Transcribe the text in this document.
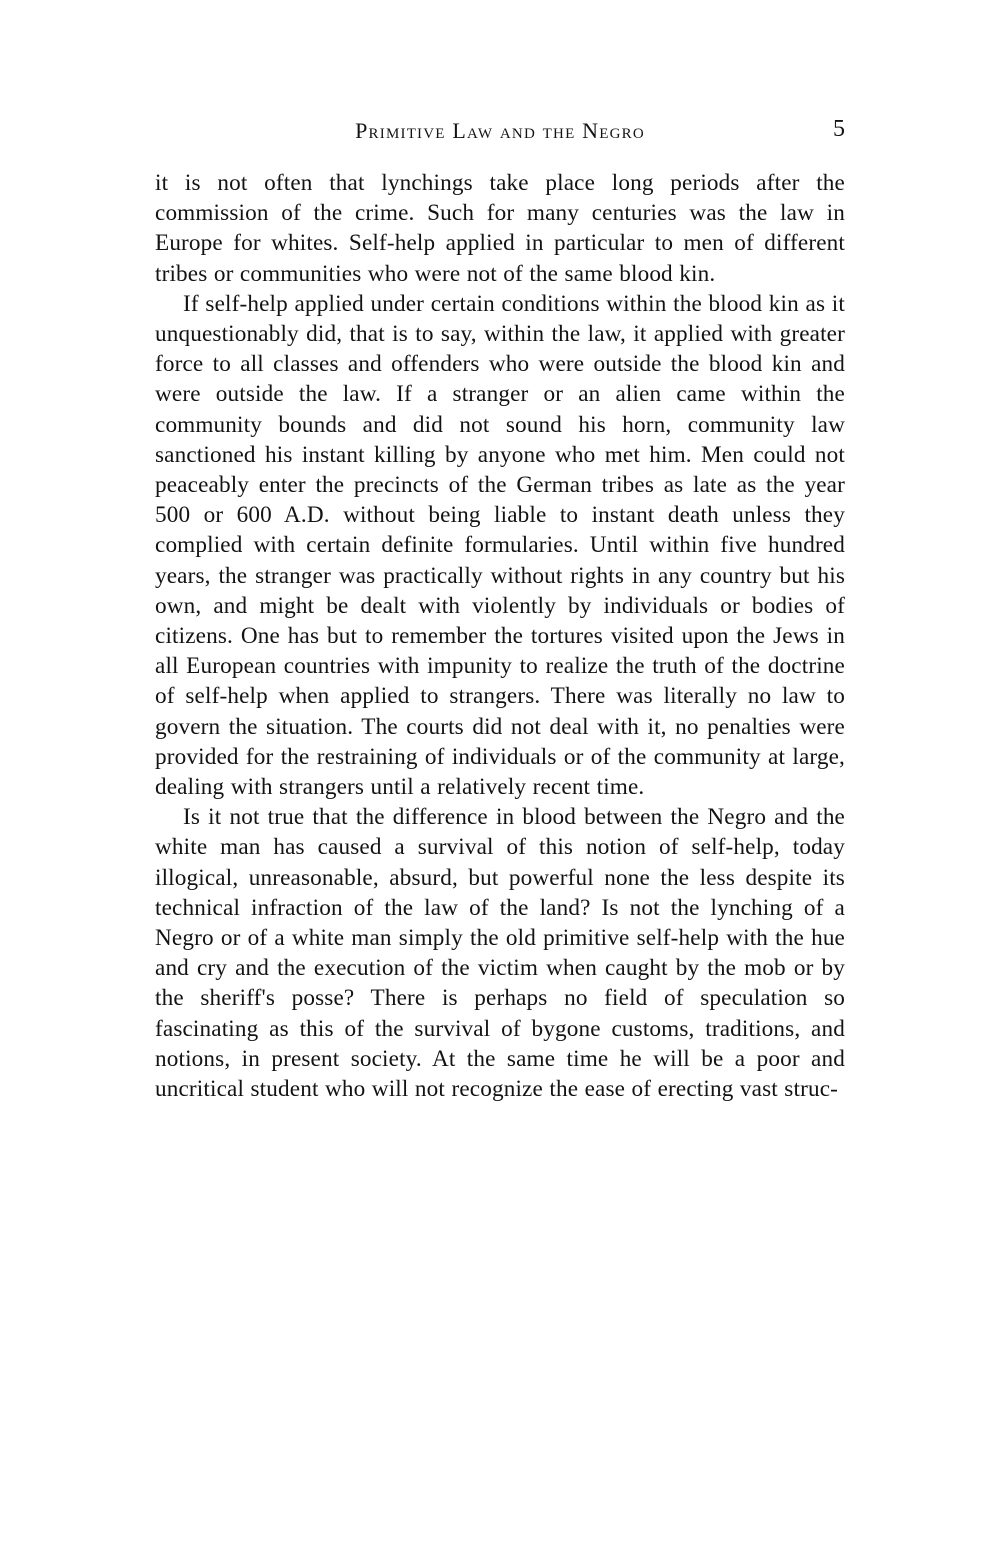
Primitive Law and the Negro	5

it is not often that lynchings take place long periods after the commission of the crime. Such for many centuries was the law in Europe for whites. Self-help applied in particular to men of different tribes or communities who were not of the same blood kin.

If self-help applied under certain conditions within the blood kin as it unquestionably did, that is to say, within the law, it applied with greater force to all classes and offenders who were outside the blood kin and were outside the law. If a stranger or an alien came within the community bounds and did not sound his horn, community law sanctioned his instant killing by anyone who met him. Men could not peaceably enter the precincts of the German tribes as late as the year 500 or 600 A.D. without being liable to instant death unless they complied with certain definite formularies. Until within five hundred years, the stranger was practically without rights in any country but his own, and might be dealt with violently by individuals or bodies of citizens. One has but to remember the tortures visited upon the Jews in all European countries with impunity to realize the truth of the doctrine of self-help when applied to strangers. There was literally no law to govern the situation. The courts did not deal with it, no penalties were provided for the restraining of individuals or of the community at large, dealing with strangers until a relatively recent time.

Is it not true that the difference in blood between the Negro and the white man has caused a survival of this notion of self-help, today illogical, unreasonable, absurd, but powerful none the less despite its technical infraction of the law of the land? Is not the lynching of a Negro or of a white man simply the old primitive self-help with the hue and cry and the execution of the victim when caught by the mob or by the sheriff's posse? There is perhaps no field of speculation so fascinating as this of the survival of bygone customs, traditions, and notions, in present society. At the same time he will be a poor and uncritical student who will not recognize the ease of erecting vast struc-
